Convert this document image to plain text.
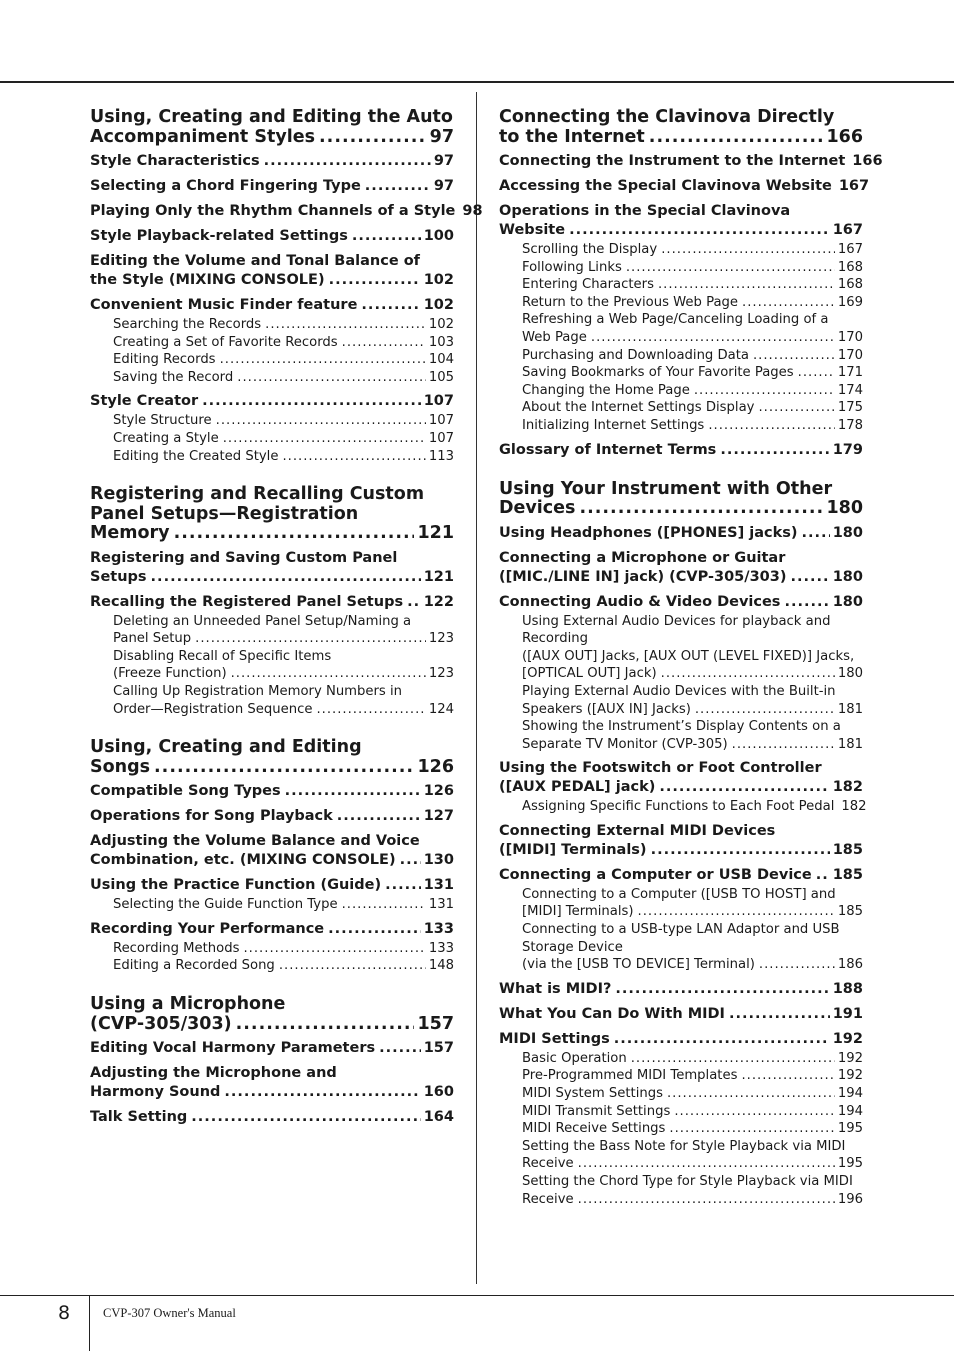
Using, Creating and Editing the Auto
Accompaniment Styles .....	97
Style Characteristics .....	97
Selecting a Chord Fingering Type .....	97
Playing Only the Rhythm Channels of a Style 98
Style Playback-related Settings .....	100
Editing the Volume and Tonal Balance of
the Style (MIXING CONSOLE) .....	102
Convenient Music Finder feature .....	102
Searching the Records .....	102
Creating a Set of Favorite Records .....	103
Editing Records .....	104
Saving the Record .....	105
Style Creator .....	107
Style Structure .....	107
Creating a Style .....	107
Editing the Created Style .....	113
Registering and Recalling Custom
Panel Setups—Registration
Memory .....	121
Registering and Saving Custom Panel
Setups .....	121
Recalling the Registered Panel Setups ..... 122
Deleting an Unneeded Panel Setup/Naming a
Panel Setup .....	123
Disabling Recall of Specific Items
(Freeze Function) .....	123
Calling Up Registration Memory Numbers in
Order—Registration Sequence .....	124
Using, Creating and Editing
Songs .....	126
Compatible Song Types .....	126
Operations for Song Playback .....	127
Adjusting the Volume Balance and Voice
Combination, etc. (MIXING CONSOLE) ..... 130
Using the Practice Function (Guide) .....	131
Selecting the Guide Function Type .....	131
Recording Your Performance .....	133
Recording Methods .....	133
Editing a Recorded Song .....	148
Using a Microphone
(CVP-305/303) .....	157
Editing Vocal Harmony Parameters .....	157
Adjusting the Microphone and
Harmony Sound .....	160
Talk Setting .....	164
Connecting the Clavinova Directly
to the Internet .....	166
Connecting the Instrument to the Internet 166
Accessing the Special Clavinova Website 167
Operations in the Special Clavinova
Website .....	167
Scrolling the Display .....	167
Following Links .....	168
Entering Characters .....	168
Return to the Previous Web Page .....	169
Refreshing a Web Page/Canceling Loading of a
Web Page .....	170
Purchasing and Downloading Data .....	170
Saving Bookmarks of Your Favorite Pages .....	171
Changing the Home Page .....	174
About the Internet Settings Display .....	175
Initializing Internet Settings .....	178
Glossary of Internet Terms .....	179
Using Your Instrument with Other
Devices .....	180
Using Headphones ([PHONES] jacks) ..... 180
Connecting a Microphone or Guitar
([MIC./LINE IN] jack) (CVP-305/303) .....	180
Connecting Audio & Video Devices .....	180
Using External Audio Devices for playback and
Recording
([AUX OUT] Jacks, [AUX OUT (LEVEL FIXED)] Jacks,
[OPTICAL OUT] Jack) .....	180
Playing External Audio Devices with the Built-in
Speakers ([AUX IN] Jacks) .....	181
Showing the Instrument’s Display Contents on a
Separate TV Monitor (CVP-305) .....	181
Using the Footswitch or Foot Controller
([AUX PEDAL] jack) .....	182
Assigning Specific Functions to Each Foot Pedal 182
Connecting External MIDI Devices
([MIDI] Terminals) .....	185
Connecting a Computer or USB Device ..... 185
Connecting to a Computer ([USB TO HOST] and
[MIDI] Terminals) .....	185
Connecting to a USB-type LAN Adaptor and USB
Storage Device
(via the [USB TO DEVICE] Terminal) .....	186
What is MIDI? .....	188
What You Can Do With MIDI .....	191
MIDI Settings .....	192
Basic Operation .....	192
Pre-Programmed MIDI Templates .....	192
MIDI System Settings .....	194
MIDI Transmit Settings .....	194
MIDI Receive Settings .....	195
Setting the Bass Note for Style Playback via MIDI
Receive .....	195
Setting the Chord Type for Style Playback via MIDI
Receive .....	196
8	CVP-307 Owner's Manual
